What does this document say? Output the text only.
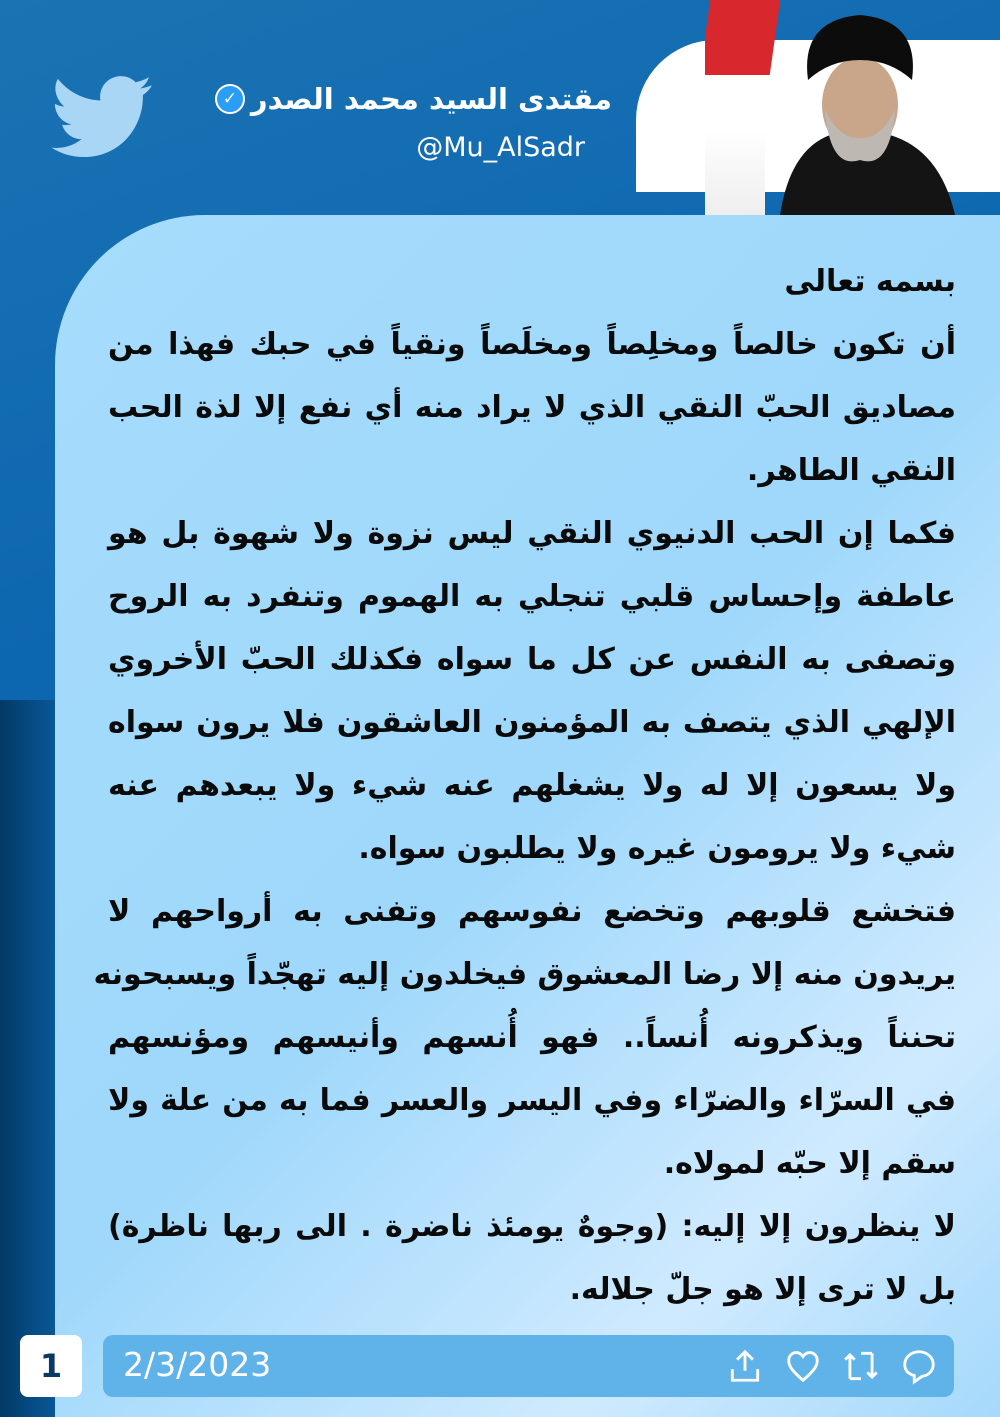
مقتدى السيد محمد الصدر
✓
@Mu_AlSadr
بسمه تعالى
أن تكون خالصاً ومخلِصاً ومخلَصاً ونقياً في حبك فهذا من
مصاديق الحبّ النقي الذي لا يراد منه أي نفع إلا لذة الحب
النقي الطاهر.
فكما إن الحب الدنيوي النقي ليس نزوة ولا شهوة بل هو
عاطفة وإحساس قلبي تنجلي به الهموم وتنفرد به الروح
وتصفى به النفس عن كل ما سواه فكذلك الحبّ الأخروي
الإلهي الذي يتصف به المؤمنون العاشقون فلا يرون سواه
ولا يسعون إلا له ولا يشغلهم عنه شيء ولا يبعدهم عنه
شيء ولا يرومون غيره ولا يطلبون سواه.
فتخشع قلوبهم وتخضع نفوسهم وتفنى به أرواحهم لا
يريدون منه إلا رضا المعشوق فيخلدون إليه تهجّداً ويسبحونه
تحنناً ويذكرونه أُنساً.. فهو أُنسهم وأنيسهم ومؤنسهم
في السرّاء والضرّاء وفي اليسر والعسر فما به من علة ولا
سقم إلا حبّه لمولاه.
لا ينظرون إلا إليه: (وجوهٌ يومئذ ناضرة . الى ربها ناظرة)
بل لا ترى إلا هو جلّ جلاله.
1	2/3/2023
